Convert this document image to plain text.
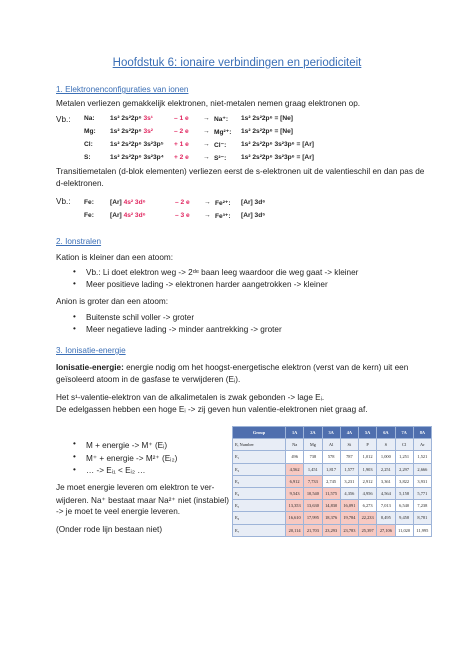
Hoofdstuk 6: ionaire verbindingen en periodiciteit
1. Elektronenconfiguraties van ionen
Metalen verliezen gemakkelijk elektronen, niet-metalen nemen graag elektronen op.
Vb.: Na: 1s² 2s²2p⁶ 3s¹	– 1 e → Na⁺: 1s² 2s²2p⁶ = [Ne]
Mg: 1s² 2s²2p⁶ 3s²	– 2 e → Mg²⁺: 1s² 2s²2p⁶ = [Ne]
Cl:	1s² 2s²2p⁶ 3s²3p⁵ + 1 e → Cl⁻: 1s² 2s²2p⁶ 3s²3p⁶ = [Ar]
S:	1s² 2s²2p⁶ 3s²3p⁴ + 2 e → S²⁻: 1s² 2s²2p⁶ 3s²3p⁶ = [Ar]
Transitiemetalen (d-blok elementen) verliezen eerst de s-elektronen uit de valentieschil en dan pas de
d-elektronen.
Vb.: Fe: [Ar] 4s² 3d⁶	– 2 e → Fe²⁺: [Ar] 3d⁶
Fe: [Ar] 4s² 3d⁶	– 3 e → Fe³⁺: [Ar] 3d⁵
2. Ionstralen
Kation is kleiner dan een atoom:
• Vb.: Li doet elektron weg -> 2ᵈᵉ baan leeg waardoor die weg gaat -> kleiner
• Meer positieve lading -> elektronen harder aangetrokken -> kleiner
Anion is groter dan een atoom:
• Buitenste schil voller -> groter
• Meer negatieve lading -> minder aantrekking -> groter
3. Ionisatie-energie
Ionisatie-energie: energie nodig om het hoogst-energetische elektron (verst van de kern) uit een
geïsoleerd atoom in de gasfase te verwijderen (Eᵢ).
Het s¹-valentie-elektron van de alkalimetalen is zwak gebonden -> lage Eᵢ.
De edelgassen hebben een hoge Eᵢ -> zij geven hun valentie-elektronen niet graag af.
• M + energie -> M⁺ (Eᵢ)
• M⁺ + energie -> M²⁺ (Eᵢ₂)
• … -> Eᵢ₁ < Eᵢ₂ …
Je moet energie leveren om elektron te ver-
wijderen. Na⁺ bestaat maar Na²⁺ niet (instabiel)
-> je moet te veel energie leveren.
(Onder rode lijn bestaan niet)
Group	1A	2A	3A	4A	5A	6A	7A	8A
Eᵢ Number	Na	Mg	Al	Si	P	S	Cl	Ar
E₁	496	738	578	787	1,012	1,000	1,251	1,521
E₂	4,562	1,451	1,817	1,577	1,903	2,251	2,297	2,666
E₃	6,912	7,733	2,745	3,231	2,912	3,361	3,822	3,931
E₄	9,543	10,540	11,575	4,356	4,956	4,564	5,158	5,771
E₅	13,353	13,630	14,830	16,091	6,273	7,013	6,540	7,238
E₆	16,610	17,995	18,376	19,784	22,233	8,495	9,458	8,781
E₇	20,114	21,703	23,293	23,783	25,397	27,106	11,020	11,995
